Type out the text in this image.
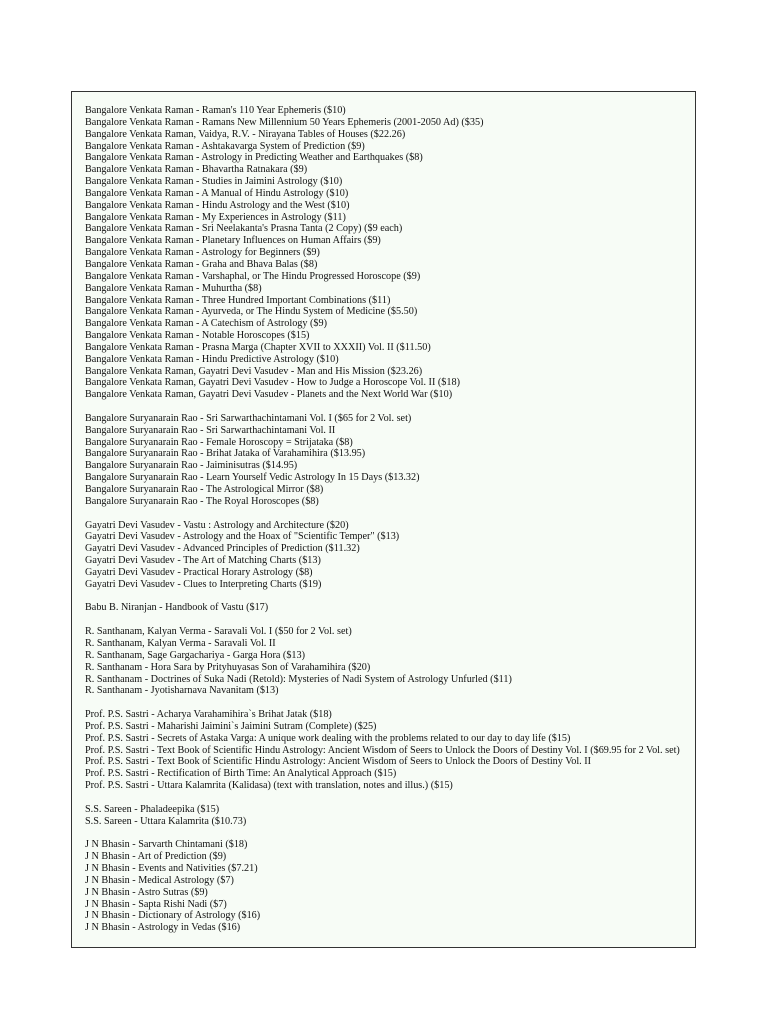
Bangalore Venkata Raman - Raman's 110 Year Ephemeris ($10)
Bangalore Venkata Raman - Ramans New Millennium 50 Years Ephemeris (2001-2050 Ad) ($35)
Bangalore Venkata Raman, Vaidya, R.V. - Nirayana Tables of Houses ($22.26)
Bangalore Venkata Raman - Ashtakavarga System of Prediction ($9)
Bangalore Venkata Raman - Astrology in Predicting Weather and Earthquakes ($8)
Bangalore Venkata Raman - Bhavartha Ratnakara ($9)
Bangalore Venkata Raman - Studies in Jaimini Astrology ($10)
Bangalore Venkata Raman - A Manual of Hindu Astrology ($10)
Bangalore Venkata Raman - Hindu Astrology and the West ($10)
Bangalore Venkata Raman - My Experiences in Astrology ($11)
Bangalore Venkata Raman - Sri Neelakanta's Prasna Tanta (2 Copy) ($9 each)
Bangalore Venkata Raman - Planetary Influences on Human Affairs ($9)
Bangalore Venkata Raman - Astrology for Beginners ($9)
Bangalore Venkata Raman - Graha and Bhava Balas ($8)
Bangalore Venkata Raman - Varshaphal, or The Hindu Progressed Horoscope ($9)
Bangalore Venkata Raman - Muhurtha ($8)
Bangalore Venkata Raman - Three Hundred Important Combinations ($11)
Bangalore Venkata Raman - Ayurveda, or The Hindu System of Medicine ($5.50)
Bangalore Venkata Raman - A Catechism of Astrology ($9)
Bangalore Venkata Raman - Notable Horoscopes ($15)
Bangalore Venkata Raman - Prasna Marga (Chapter XVII to XXXII) Vol. II ($11.50)
Bangalore Venkata Raman - Hindu Predictive Astrology ($10)
Bangalore Venkata Raman, Gayatri Devi Vasudev - Man and His Mission ($23.26)
Bangalore Venkata Raman, Gayatri Devi Vasudev - How to Judge a Horoscope Vol. II ($18)
Bangalore Venkata Raman, Gayatri Devi Vasudev - Planets and the Next World War ($10)
Bangalore Suryanarain Rao - Sri Sarwarthachintamani Vol. I ($65 for 2 Vol. set)
Bangalore Suryanarain Rao - Sri Sarwarthachintamani Vol. II
Bangalore Suryanarain Rao - Female Horoscopy = Strijataka ($8)
Bangalore Suryanarain Rao - Brihat Jataka of Varahamihira ($13.95)
Bangalore Suryanarain Rao - Jaiminisutras ($14.95)
Bangalore Suryanarain Rao - Learn Yourself Vedic Astrology In 15 Days ($13.32)
Bangalore Suryanarain Rao - The Astrological Mirror ($8)
Bangalore Suryanarain Rao - The Royal Horoscopes ($8)
Gayatri Devi Vasudev - Vastu : Astrology and Architecture ($20)
Gayatri Devi Vasudev - Astrology and the Hoax of "Scientific Temper" ($13)
Gayatri Devi Vasudev - Advanced Principles of Prediction ($11.32)
Gayatri Devi Vasudev - The Art of Matching Charts ($13)
Gayatri Devi Vasudev - Practical Horary Astrology ($8)
Gayatri Devi Vasudev - Clues to Interpreting Charts ($19)
Babu B. Niranjan - Handbook of Vastu ($17)
R. Santhanam, Kalyan Verma - Saravali Vol. I ($50 for 2 Vol. set)
R. Santhanam, Kalyan Verma - Saravali Vol. II
R. Santhanam, Sage Gargachariya - Garga Hora ($13)
R. Santhanam - Hora Sara by Prityhuyasas Son of Varahamihira ($20)
R. Santhanam - Doctrines of Suka Nadi (Retold): Mysteries of Nadi System of Astrology Unfurled ($11)
R. Santhanam - Jyotisharnava Navanitam ($13)
Prof. P.S. Sastri - Acharya Varahamihira`s Brihat Jatak ($18)
Prof. P.S. Sastri - Maharishi Jaimini`s Jaimini Sutram (Complete) ($25)
Prof. P.S. Sastri - Secrets of Astaka Varga: A unique work dealing with the problems related to our day to day life ($15)
Prof. P.S. Sastri - Text Book of Scientific Hindu Astrology: Ancient Wisdom of Seers to Unlock the Doors of Destiny Vol. I ($69.95 for 2 Vol. set)
Prof. P.S. Sastri - Text Book of Scientific Hindu Astrology: Ancient Wisdom of Seers to Unlock the Doors of Destiny Vol. II
Prof. P.S. Sastri - Rectification of Birth Time: An Analytical Approach ($15)
Prof. P.S. Sastri - Uttara Kalamrita (Kalidasa) (text with translation, notes and illus.) ($15)
S.S. Sareen - Phaladeepika ($15)
S.S. Sareen - Uttara Kalamrita ($10.73)
J N Bhasin - Sarvarth Chintamani ($18)
J N Bhasin - Art of Prediction ($9)
J N Bhasin - Events and Nativities ($7.21)
J N Bhasin - Medical Astrology ($7)
J N Bhasin - Astro Sutras ($9)
J N Bhasin - Sapta Rishi Nadi ($7)
J N Bhasin - Dictionary of Astrology ($16)
J N Bhasin - Astrology in Vedas ($16)
